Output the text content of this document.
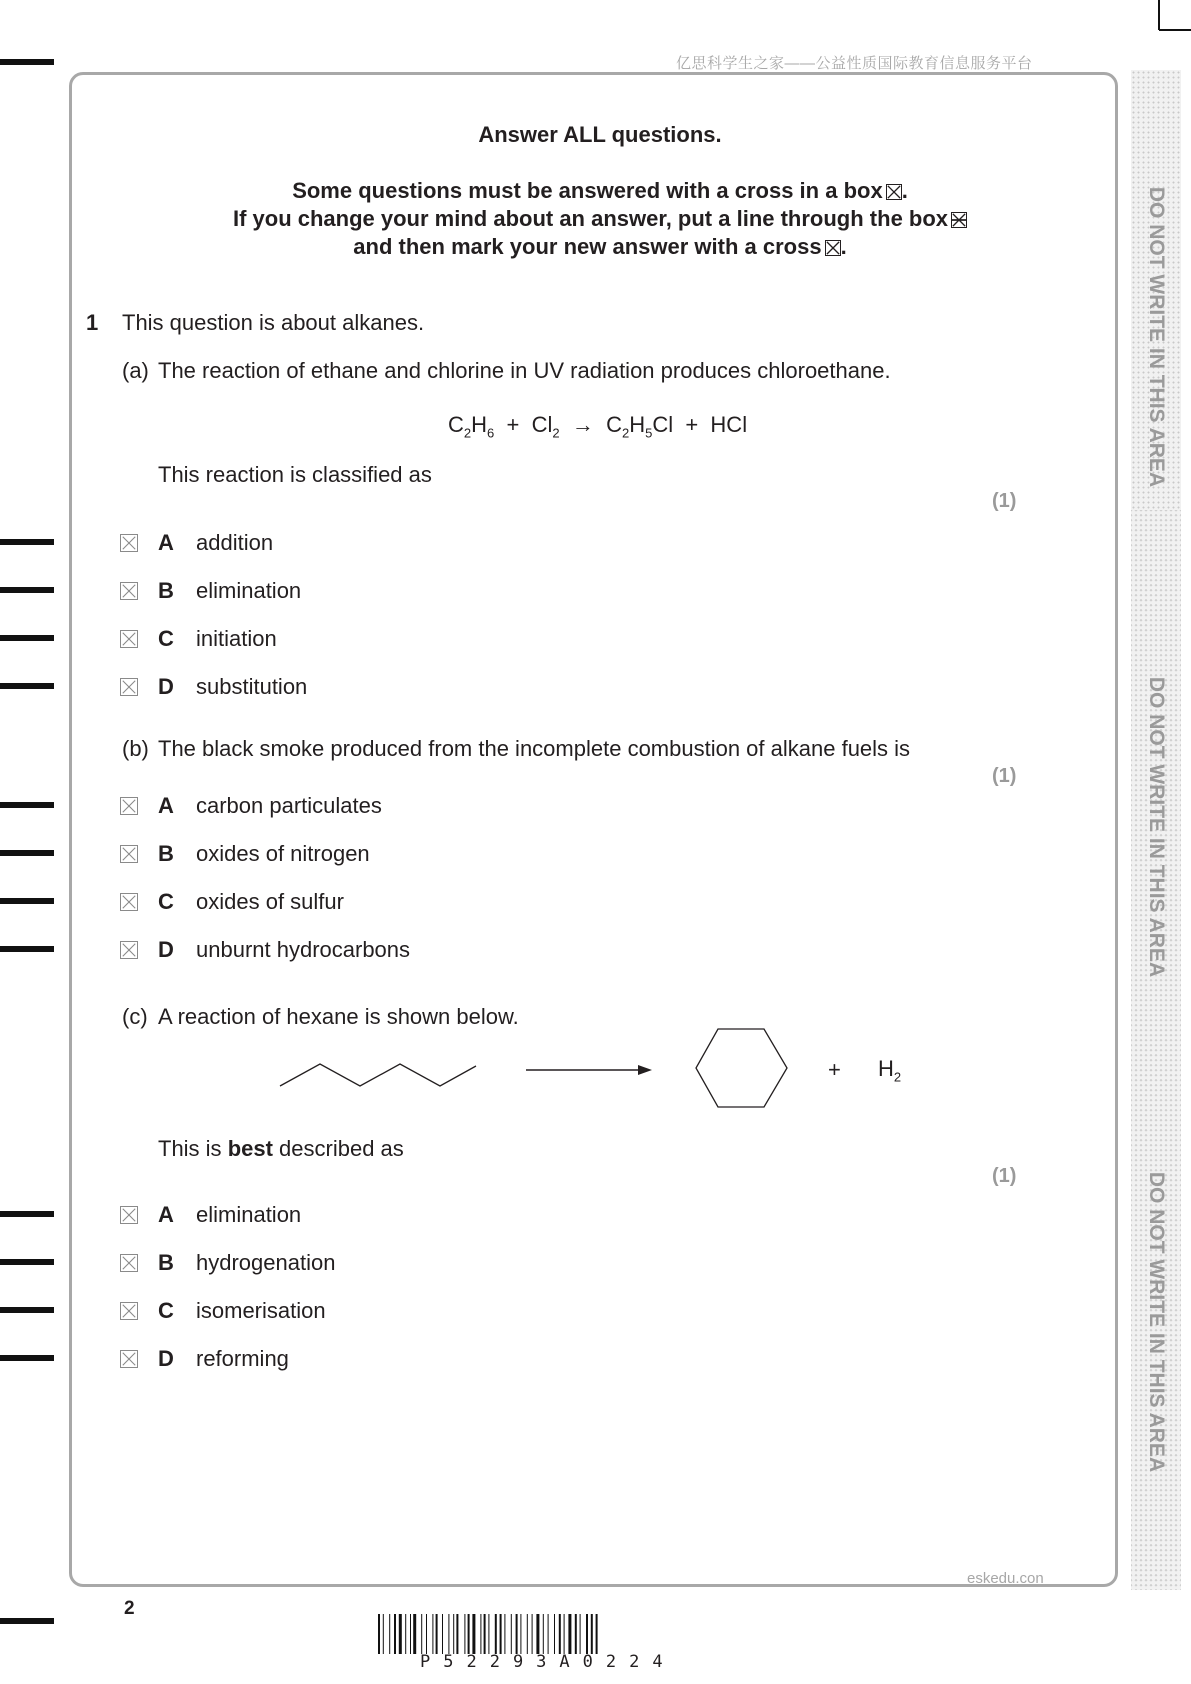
亿思科学生之家——公益性质国际教育信息服务平台
DO NOT WRITE IN THIS AREA
DO NOT WRITE IN THIS AREA
DO NOT WRITE IN THIS AREA
Answer ALL questions.
Some questions must be answered with a cross in a box ☒.
If you change your mind about an answer, put a line through the box
and then mark your new answer with a cross ☒.
1 This question is about alkanes.
(a) The reaction of ethane and chlorine in UV radiation produces chloroethane.
$C_2H_6 + Cl_2 \to C_2H_5Cl$ + HCl
This reaction is classified as
(1)
A addition
B elimination
C initiation
D substitution
(b) The black smoke produced from the incomplete combustion of alkane fuels is
(1)
A carbon particulates
B oxides of nitrogen
C oxides of sulfur
D unburnt hydrocarbons
(c) A reaction of hexane is shown below.
+ $H_2$
This is best described as
(1)
A elimination
B hydrogenation
C isomerisation
D reforming
eskedu.con
2
P52293A0224
